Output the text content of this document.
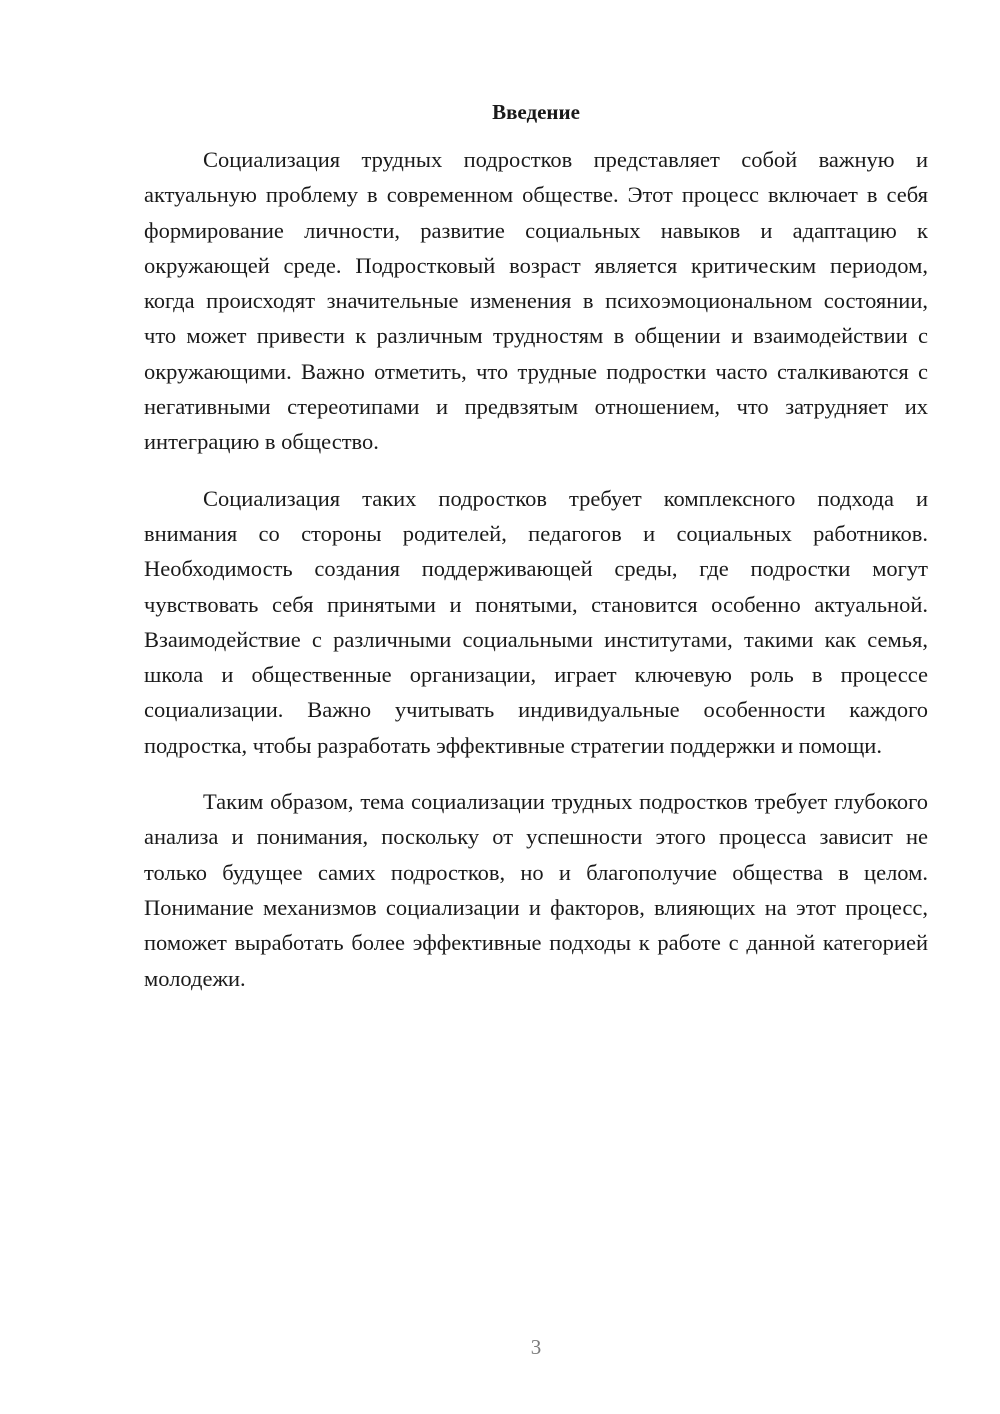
Введение

Социализация трудных подростков представляет собой важную и актуальную проблему в современном обществе. Этот процесс включает в себя формирование личности, развитие социальных навыков и адаптацию к окружающей среде. Подростковый возраст является критическим периодом, когда происходят значительные изменения в психоэмоциональном состоянии, что может привести к различным трудностям в общении и взаимодействии с окружающими. Важно отметить, что трудные подростки часто сталкиваются с негативными стереотипами и предвзятым отношением, что затрудняет их интеграцию в общество.

Социализация таких подростков требует комплексного подхода и внимания со стороны родителей, педагогов и социальных работников. Необходимость создания поддерживающей среды, где подростки могут чувствовать себя принятыми и понятыми, становится особенно актуальной. Взаимодействие с различными социальными институтами, такими как семья, школа и общественные организации, играет ключевую роль в процессе социализации. Важно учитывать индивидуальные особенности каждого подростка, чтобы разработать эффективные стратегии поддержки и помощи.

Таким образом, тема социализации трудных подростков требует глубокого анализа и понимания, поскольку от успешности этого процесса зависит не только будущее самих подростков, но и благополучие общества в целом. Понимание механизмов социализации и факторов, влияющих на этот процесс, поможет выработать более эффективные подходы к работе с данной категорией молодежи.

3
